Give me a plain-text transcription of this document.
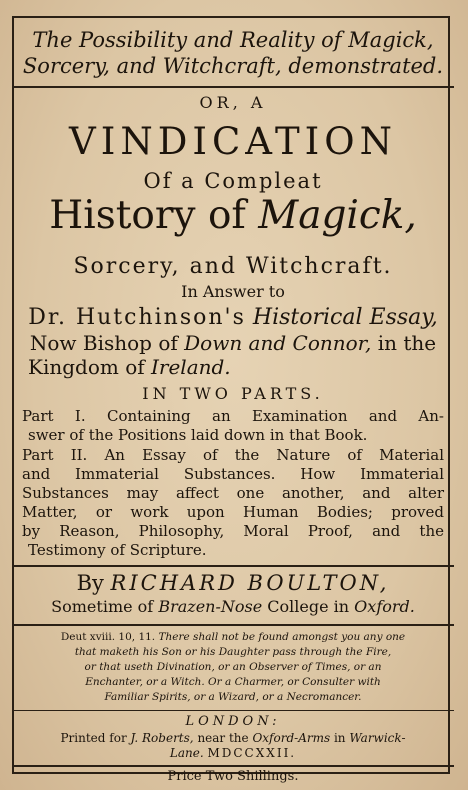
The Possibility and Reality of Magick,
Sorcery, and Witchcraft, demonstrated.
OR, A
VINDICATION
Of a Compleat
History of Magick,
Sorcery, and Witchcraft.
In Answer to
Dr. Hutchinson's Historical Essay,
Now Bishop of Down and Connor, in the
Kingdom of Ireland.
IN TWO PARTS.
Part I. Containing an Examination and An-
swer of the Positions laid down in that Book.
Part II. An Essay of the Nature of Material
and Immaterial Substances. How Immaterial
Substances may affect one another, and alter
Matter, or work upon Human Bodies; proved
by Reason, Philosophy, Moral Proof, and the
Testimony of Scripture.
By RICHARD BOULTON,
Sometime of Brazen-Nose College in Oxford.
Deut xviii. 10, 11. There shall not be found amongst you any one
that maketh his Son or his Daughter pass through the Fire,
or that useth Divination, or an Observer of Times, or an
Enchanter, or a Witch. Or a Charmer, or Consulter with
Familiar Spirits, or a Wizard, or a Necromancer.
LONDON:
Printed for J. Roberts, near the Oxford-Arms in Warwick-
Lane. MDCCXXII.
Price Two Shillings.
